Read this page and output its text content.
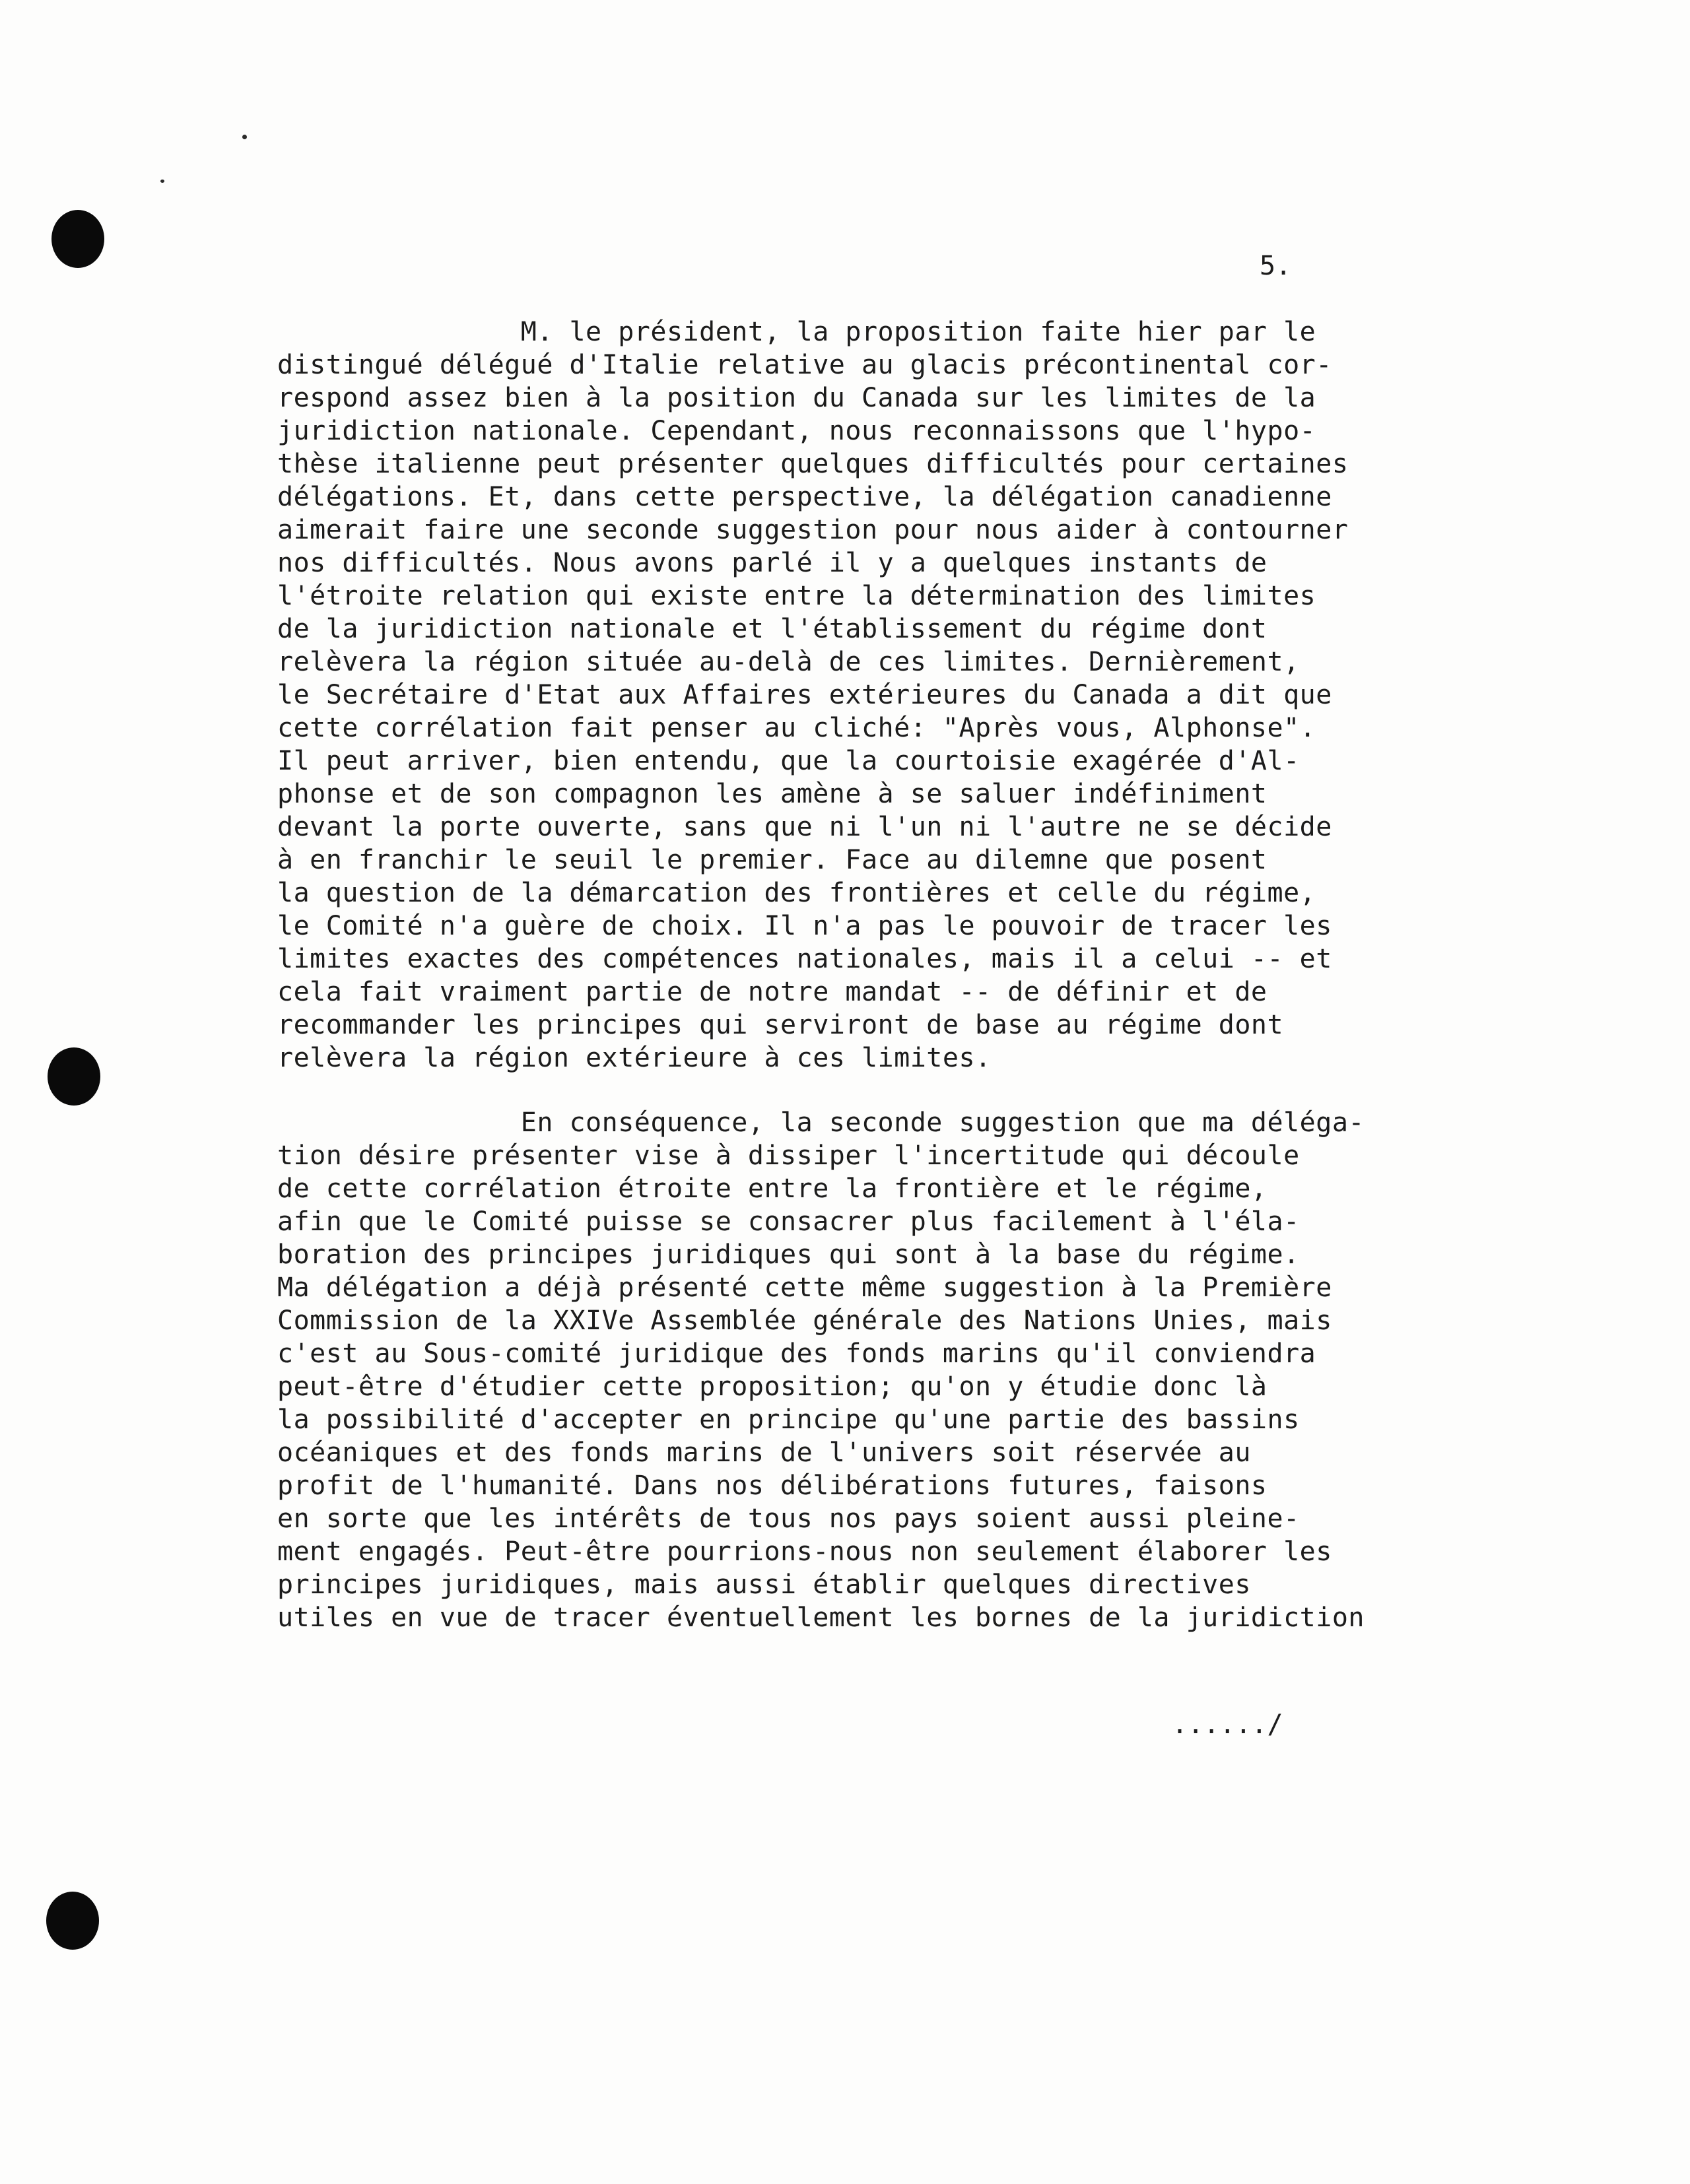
5.
M. le président, la proposition faite hier par le
distingué délégué d'Italie relative au glacis précontinental cor-
respond assez bien à la position du Canada sur les limites de la
juridiction nationale. Cependant, nous reconnaissons que l'hypo-
thèse italienne peut présenter quelques difficultés pour certaines
délégations. Et, dans cette perspective, la délégation canadienne
aimerait faire une seconde suggestion pour nous aider à contourner
nos difficultés. Nous avons parlé il y a quelques instants de
l'étroite relation qui existe entre la détermination des limites
de la juridiction nationale et l'établissement du régime dont
relèvera la région située au-delà de ces limites. Dernièrement,
le Secrétaire d'Etat aux Affaires extérieures du Canada a dit que
cette corrélation fait penser au cliché: "Après vous, Alphonse".
Il peut arriver, bien entendu, que la courtoisie exagérée d'Al-
phonse et de son compagnon les amène à se saluer indéfiniment
devant la porte ouverte, sans que ni l'un ni l'autre ne se décide
à en franchir le seuil le premier. Face au dilemne que posent
la question de la démarcation des frontières et celle du régime,
le Comité n'a guère de choix. Il n'a pas le pouvoir de tracer les
limites exactes des compétences nationales, mais il a celui -- et
cela fait vraiment partie de notre mandat -- de définir et de
recommander les principes qui serviront de base au régime dont
relèvera la région extérieure à ces limites.
En conséquence, la seconde suggestion que ma déléga-
tion désire présenter vise à dissiper l'incertitude qui découle
de cette corrélation étroite entre la frontière et le régime,
afin que le Comité puisse se consacrer plus facilement à l'éla-
boration des principes juridiques qui sont à la base du régime.
Ma délégation a déjà présenté cette même suggestion à la Première
Commission de la XXIVe Assemblée générale des Nations Unies, mais
c'est au Sous-comité juridique des fonds marins qu'il conviendra
peut-être d'étudier cette proposition; qu'on y étudie donc là
la possibilité d'accepter en principe qu'une partie des bassins
océaniques et des fonds marins de l'univers soit réservée au
profit de l'humanité. Dans nos délibérations futures, faisons
en sorte que les intérêts de tous nos pays soient aussi pleine-
ment engagés. Peut-être pourrions-nous non seulement élaborer les
principes juridiques, mais aussi établir quelques directives
utiles en vue de tracer éventuellement les bornes de la juridiction
....../
